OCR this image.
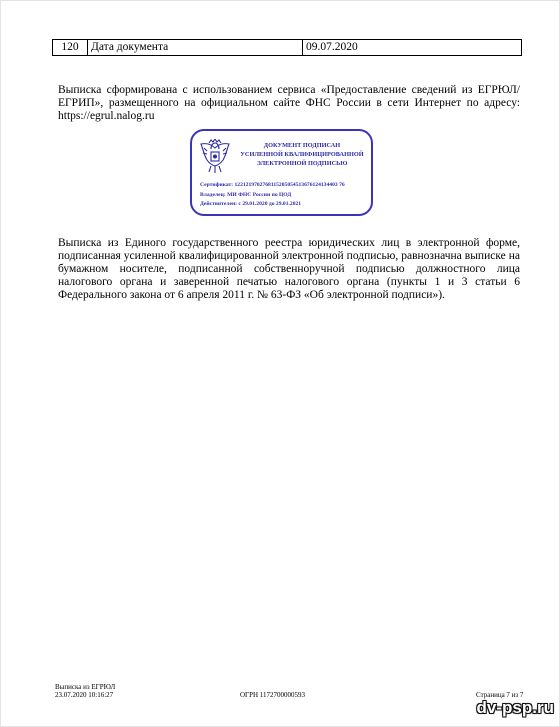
120	Дата документа	09.07.2020

Выписка сформирована с использованием сервиса «Предоставление сведений из ЕГРЮЛ/ЕГРИП», размещенного на официальном сайте ФНС России в сети Интернет по адресу: https://egrul.nalog.ru

ДОКУМЕНТ ПОДПИСАН
УСИЛЕННОЙ КВАЛИФИЦИРОВАННОЙ
ЭЛЕКТРОННОЙ ПОДПИСЬЮ
Сертификат: 1221219702768115205054513676124134403 76
Владелец: МИ ФНС России по ЦОД
Действителен: с 29.01.2020 до 29.01.2021

Выписка из Единого государственного реестра юридических лиц в электронной форме, подписанная усиленной квалифицированной электронной подписью, равнозначна выписке на бумажном носителе, подписанной собственноручной подписью должностного лица налогового органа и заверенной печатью налогового органа (пункты 1 и 3 статьи 6 Федерального закона от 6 апреля 2011 г. № 63-ФЗ «Об электронной подписи»).

Выписка из ЕГРЮЛ
23.07.2020 10:16:27	ОГРН 1172700000593	Страница 7 из 7
dv-psp.ru
